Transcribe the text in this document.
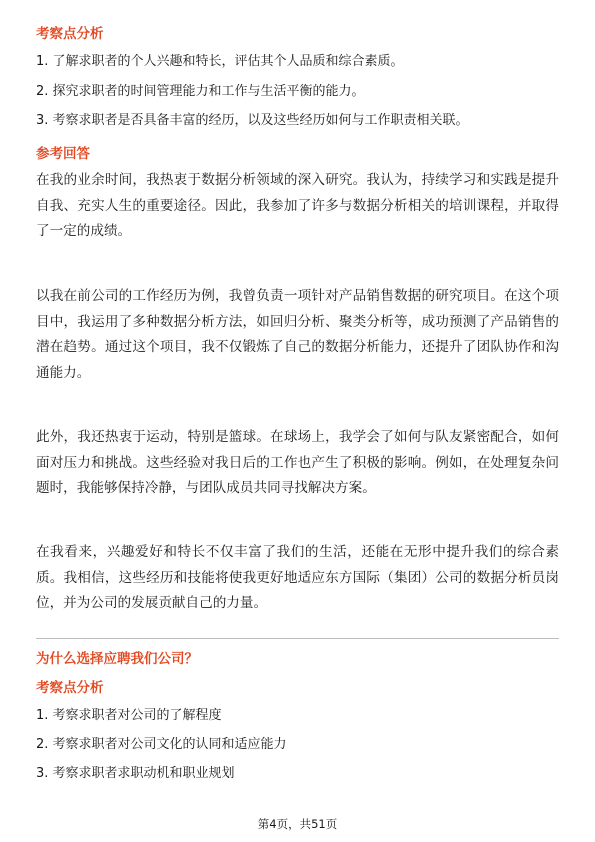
考察点分析
1. 了解求职者的个人兴趣和特长，评估其个人品质和综合素质。
2. 探究求职者的时间管理能力和工作与生活平衡的能力。
3. 考察求职者是否具备丰富的经历，以及这些经历如何与工作职责相关联。
参考回答
在我的业余时间，我热衷于数据分析领域的深入研究。我认为，持续学习和实践是提升自我、充实人生的重要途径。因此，我参加了许多与数据分析相关的培训课程，并取得了一定的成绩。
以我在前公司的工作经历为例，我曾负责一项针对产品销售数据的研究项目。在这个项目中，我运用了多种数据分析方法，如回归分析、聚类分析等，成功预测了产品销售的潜在趋势。通过这个项目，我不仅锻炼了自己的数据分析能力，还提升了团队协作和沟通能力。
此外，我还热衷于运动，特别是篮球。在球场上，我学会了如何与队友紧密配合，如何面对压力和挑战。这些经验对我日后的工作也产生了积极的影响。例如，在处理复杂问题时，我能够保持冷静，与团队成员共同寻找解决方案。
在我看来，兴趣爱好和特长不仅丰富了我们的生活，还能在无形中提升我们的综合素质。我相信，这些经历和技能将使我更好地适应东方国际（集团）公司的数据分析员岗位，并为公司的发展贡献自己的力量。
为什么选择应聘我们公司？
考察点分析
1. 考察求职者对公司的了解程度
2. 考察求职者对公司文化的认同和适应能力
3. 考察求职者求职动机和职业规划
第4页，共51页
